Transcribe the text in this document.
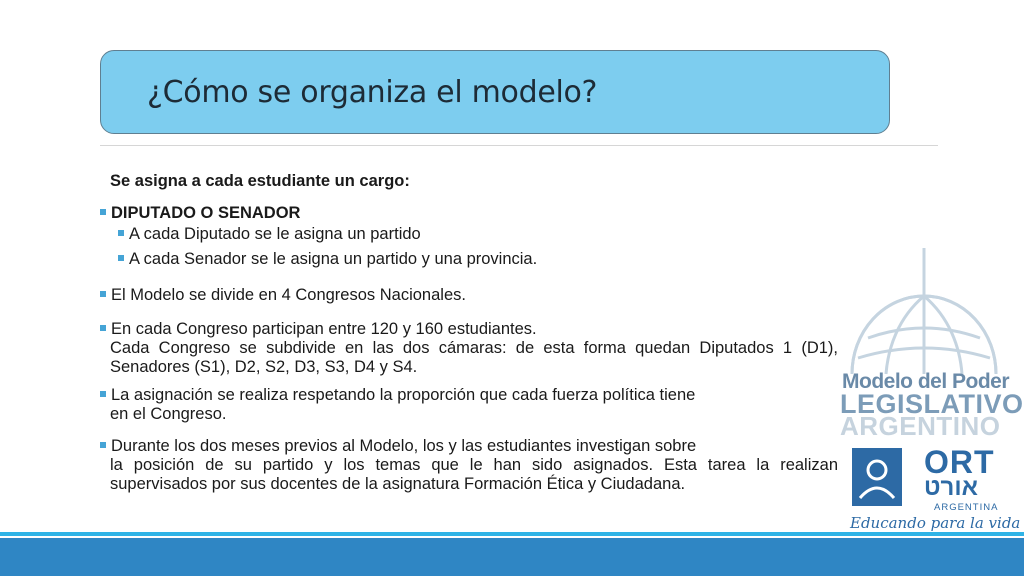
¿Cómo se organiza el modelo?
Se asigna a cada estudiante un cargo:
DIPUTADO O SENADOR
A cada Diputado se le asigna un partido
A cada Senador se le asigna un partido y una provincia.
El Modelo se divide en 4 Congresos Nacionales.
En cada Congreso participan entre 120 y 160 estudiantes.
Cada Congreso se subdivide en las dos cámaras: de esta forma quedan Diputados 1 (D1), Senadores (S1), D2, S2, D3, S3, D4 y S4.
La asignación se realiza respetando la proporción que cada fuerza política tiene
en el Congreso.
Durante los dos meses previos al Modelo, los y las estudiantes investigan sobre
la posición de su partido y los temas que le han sido asignados. Esta tarea la realizan supervisados por sus docentes de la asignatura Formación Ética y Ciudadana.
Modelo del Poder
LEGISLATIVO
ARGENTINO
ORT
אורט
ARGENTINA
Educando para la vida
